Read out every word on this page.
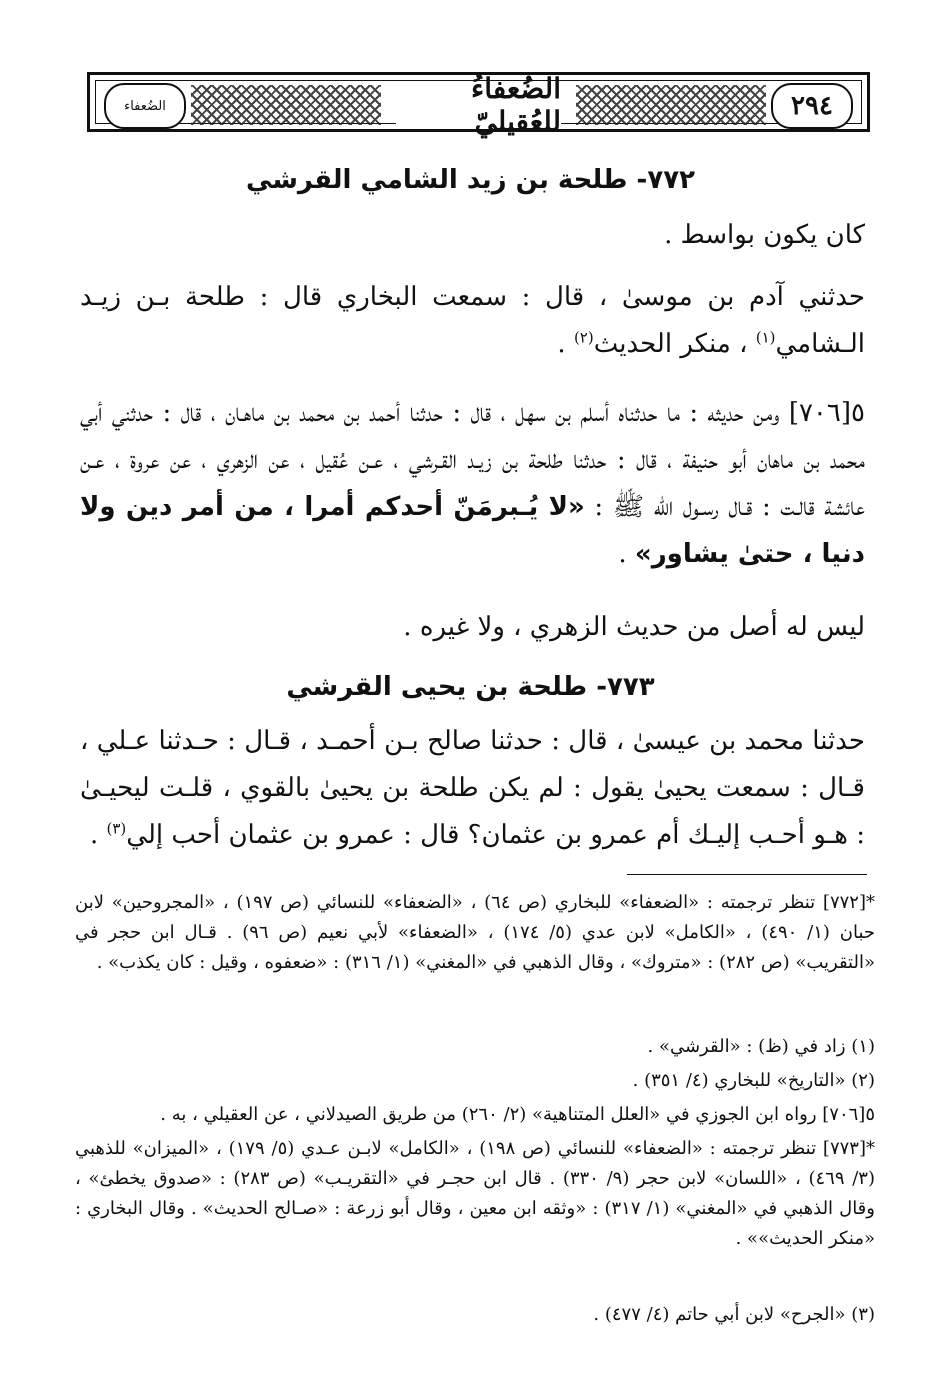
الضُعفاء
الضُعفاءُ للعُقيليّ	٢٩٤
٧٧٢- طلحة بن زيد الشامي القرشي
كان يكون بواسط .
حدثني آدم بن موسىٰ ، قال : سمعت البخاري قال : طلحة بـن زيـد الـشامي$^{(١)}$ ، منكر الحديث$^{(٢)}$ .
٥[٧٠٦] ومن حديثه : ما حدثناه أسلم بن سهل ، قال : حدثنا أحمد بن محمد بن ماهـان ، قال : حدثني أبي محمد بن ماهان أبو حنيفة ، قال : حدثنا طلحة بن زيـد القـرشي ، عـن عُقيل ، عن الزهري ، عن عروة ، عـن عائشة قالـت : قـال رسـول الله ﷺ : «لا يُـبرمَنّ أحدكم أمرا ، من أمر دين ولا دنيا ، حتىٰ يشاور» .
ليس له أصل من حديث الزهري ، ولا غيره .
٧٧٣- طلحة بن يحيى القرشي
حدثنا محمد بن عيسىٰ ، قال : حدثنا صالح بـن أحمـد ، قـال : حـدثنا عـلي ، قـال : سمعت يحيىٰ يقول : لم يكن طلحة بن يحيىٰ بالقوي ، قلـت ليحيـىٰ : هـو أحـب إليـك أم عمرو بن عثمان؟ قال : عمرو بن عثمان أحب إلي$^{(٣)}$ .
*[٧٧٢] تنظر ترجمته : «الضعفاء» للبخاري (ص ٦٤) ، «الضعفاء» للنسائي (ص ١٩٧) ، «المجروحين» لابن حبان (١/ ٤٩٠) ، «الكامل» لابن عدي (٥/ ١٧٤) ، «الضعفاء» لأبي نعيم (ص ٩٦) . قـال ابن حجر في «التقريب» (ص ٢٨٢) : «متروك» ، وقال الذهبي في «المغني» (١/ ٣١٦) : «ضعفوه ، وقيل : كان يكذب» .
(١) زاد في (ظ) : «القرشي» .
(٢) «التاريخ» للبخاري (٤/ ٣٥١) .
٥[٧٠٦] رواه ابن الجوزي في «العلل المتناهية» (٢/ ٢٦٠) من طريق الصيدلاني ، عن العقيلي ، به .
*[٧٧٣] تنظر ترجمته : «الضعفاء» للنسائي (ص ١٩٨) ، «الكامل» لابـن عـدي (٥/ ١٧٩) ، «الميزان» للذهبي (٣/ ٤٦٩) ، «اللسان» لابن حجر (٩/ ٣٣٠) . قال ابن حجـر في «التقريـب» (ص ٢٨٣) : «صدوق يخطئ» ، وقال الذهبي في «المغني» (١/ ٣١٧) : «وثقه ابن معين ، وقال أبو زرعة : «صـالح الحديث» . وقال البخاري : «منكر الحديث»» .
(٣) «الجرح» لابن أبي حاتم (٤/ ٤٧٧) .
